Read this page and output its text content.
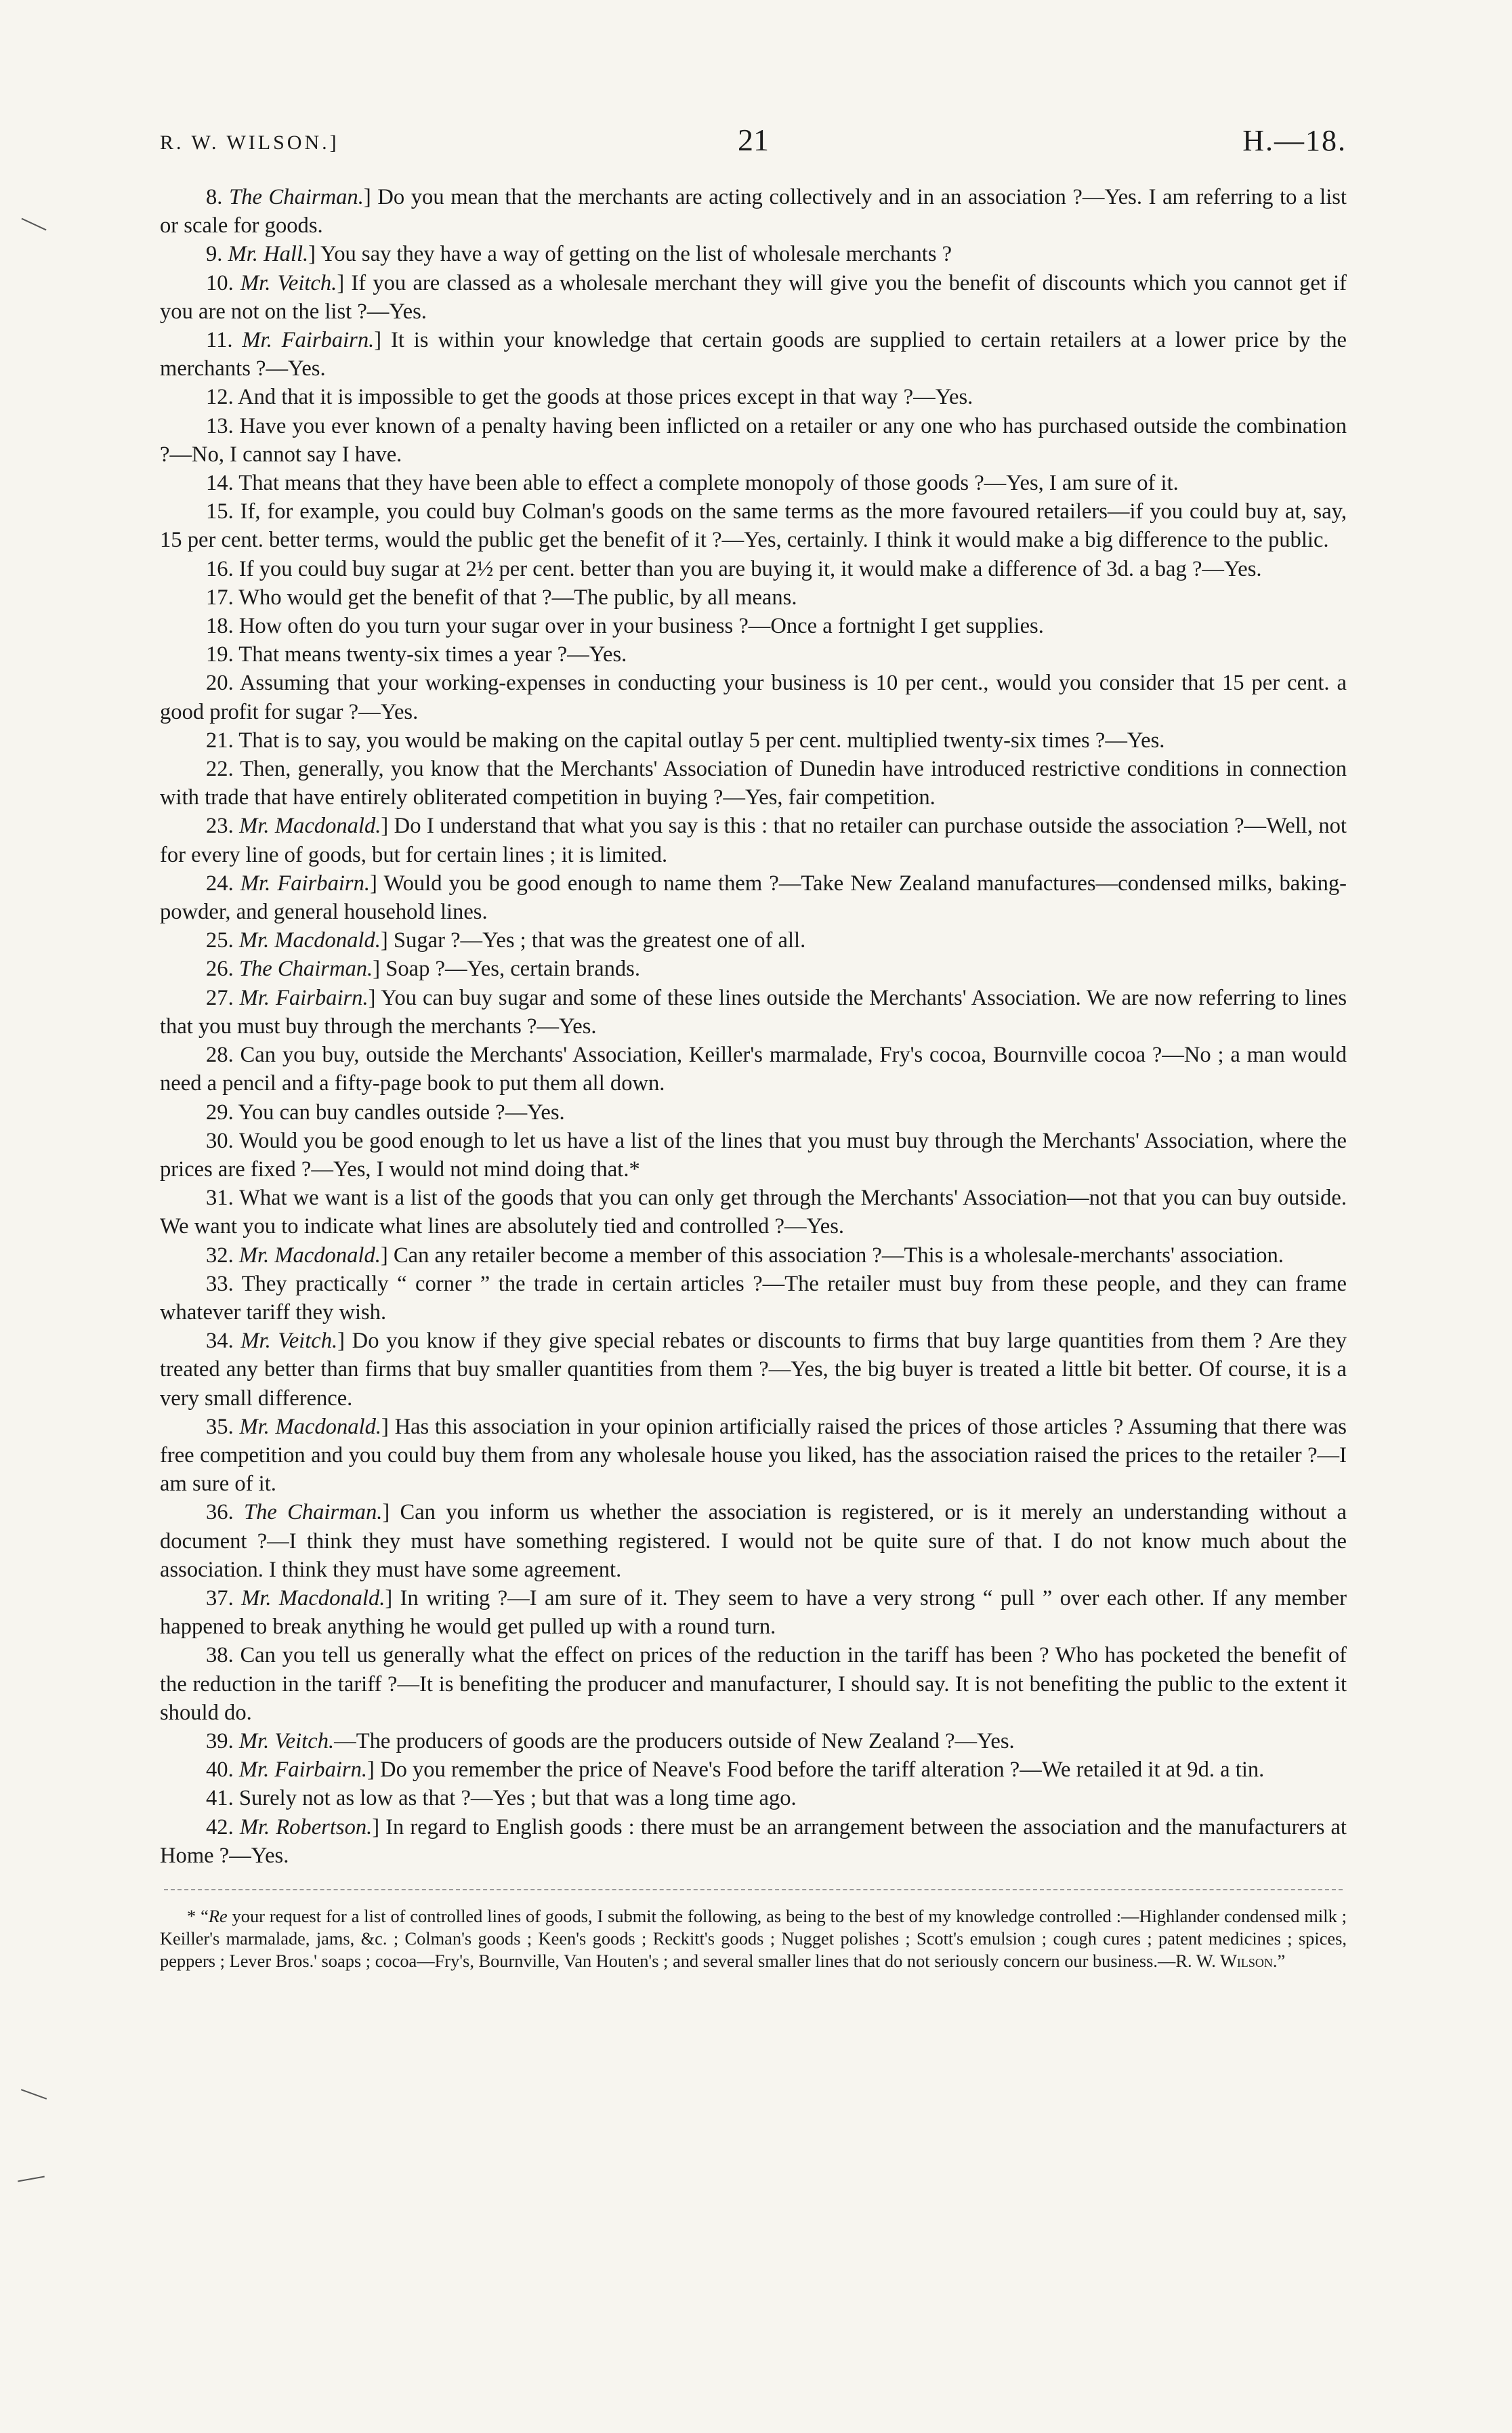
R. W. WILSON.]	21	H.—18.

8. The Chairman.] Do you mean that the merchants are acting collectively and in an association ?—Yes. I am referring to a list or scale for goods.

9. Mr. Hall.] You say they have a way of getting on the list of wholesale merchants ?

10. Mr. Veitch.] If you are classed as a wholesale merchant they will give you the benefit of discounts which you cannot get if you are not on the list ?—Yes.

11. Mr. Fairbairn.] It is within your knowledge that certain goods are supplied to certain retailers at a lower price by the merchants ?—Yes.

12. And that it is impossible to get the goods at those prices except in that way ?—Yes.

13. Have you ever known of a penalty having been inflicted on a retailer or any one who has purchased outside the combination ?—No, I cannot say I have.

14. That means that they have been able to effect a complete monopoly of those goods ?—Yes, I am sure of it.

15. If, for example, you could buy Colman's goods on the same terms as the more favoured retailers—if you could buy at, say, 15 per cent. better terms, would the public get the benefit of it ?—Yes, certainly. I think it would make a big difference to the public.

16. If you could buy sugar at 2½ per cent. better than you are buying it, it would make a difference of 3d. a bag ?—Yes.

17. Who would get the benefit of that ?—The public, by all means.

18. How often do you turn your sugar over in your business ?—Once a fortnight I get supplies.

19. That means twenty-six times a year ?—Yes.

20. Assuming that your working-expenses in conducting your business is 10 per cent., would you consider that 15 per cent. a good profit for sugar ?—Yes.

21. That is to say, you would be making on the capital outlay 5 per cent. multiplied twenty-six times ?—Yes.

22. Then, generally, you know that the Merchants' Association of Dunedin have introduced restrictive conditions in connection with trade that have entirely obliterated competition in buying ?—Yes, fair competition.

23. Mr. Macdonald.] Do I understand that what you say is this : that no retailer can purchase outside the association ?—Well, not for every line of goods, but for certain lines ; it is limited.

24. Mr. Fairbairn.] Would you be good enough to name them ?—Take New Zealand manufactures—condensed milks, baking-powder, and general household lines.

25. Mr. Macdonald.] Sugar ?—Yes ; that was the greatest one of all.

26. The Chairman.] Soap ?—Yes, certain brands.

27. Mr. Fairbairn.] You can buy sugar and some of these lines outside the Merchants' Association. We are now referring to lines that you must buy through the merchants ?—Yes.

28. Can you buy, outside the Merchants' Association, Keiller's marmalade, Fry's cocoa, Bournville cocoa ?—No ; a man would need a pencil and a fifty-page book to put them all down.

29. You can buy candles outside ?—Yes.

30. Would you be good enough to let us have a list of the lines that you must buy through the Merchants' Association, where the prices are fixed ?—Yes, I would not mind doing that.*

31. What we want is a list of the goods that you can only get through the Merchants' Association—not that you can buy outside. We want you to indicate what lines are absolutely tied and controlled ?—Yes.

32. Mr. Macdonald.] Can any retailer become a member of this association ?—This is a wholesale-merchants' association.

33. They practically “ corner ” the trade in certain articles ?—The retailer must buy from these people, and they can frame whatever tariff they wish.

34. Mr. Veitch.] Do you know if they give special rebates or discounts to firms that buy large quantities from them ? Are they treated any better than firms that buy smaller quantities from them ?—Yes, the big buyer is treated a little bit better. Of course, it is a very small difference.

35. Mr. Macdonald.] Has this association in your opinion artificially raised the prices of those articles ? Assuming that there was free competition and you could buy them from any wholesale house you liked, has the association raised the prices to the retailer ?—I am sure of it.

36. The Chairman.] Can you inform us whether the association is registered, or is it merely an understanding without a document ?—I think they must have something registered. I would not be quite sure of that. I do not know much about the association. I think they must have some agreement.

37. Mr. Macdonald.] In writing ?—I am sure of it. They seem to have a very strong “ pull ” over each other. If any member happened to break anything he would get pulled up with a round turn.

38. Can you tell us generally what the effect on prices of the reduction in the tariff has been ? Who has pocketed the benefit of the reduction in the tariff ?—It is benefiting the producer and manufacturer, I should say. It is not benefiting the public to the extent it should do.

39. Mr. Veitch.—The producers of goods are the producers outside of New Zealand ?—Yes.

40. Mr. Fairbairn.] Do you remember the price of Neave's Food before the tariff alteration ?—We retailed it at 9d. a tin.

41. Surely not as low as that ?—Yes ; but that was a long time ago.

42. Mr. Robertson.] In regard to English goods : there must be an arrangement between the association and the manufacturers at Home ?—Yes.

* “Re your request for a list of controlled lines of goods, I submit the following, as being to the best of my knowledge controlled :—Highlander condensed milk ; Keiller's marmalade, jams, &c. ; Colman's goods ; Keen's goods ; Reckitt's goods ; Nugget polishes ; Scott's emulsion ; cough cures ; patent medicines ; spices, peppers ; Lever Bros.' soaps ; cocoa—Fry's, Bournville, Van Houten's ; and several smaller lines that do not seriously concern our business.—R. W. Wilson.”
